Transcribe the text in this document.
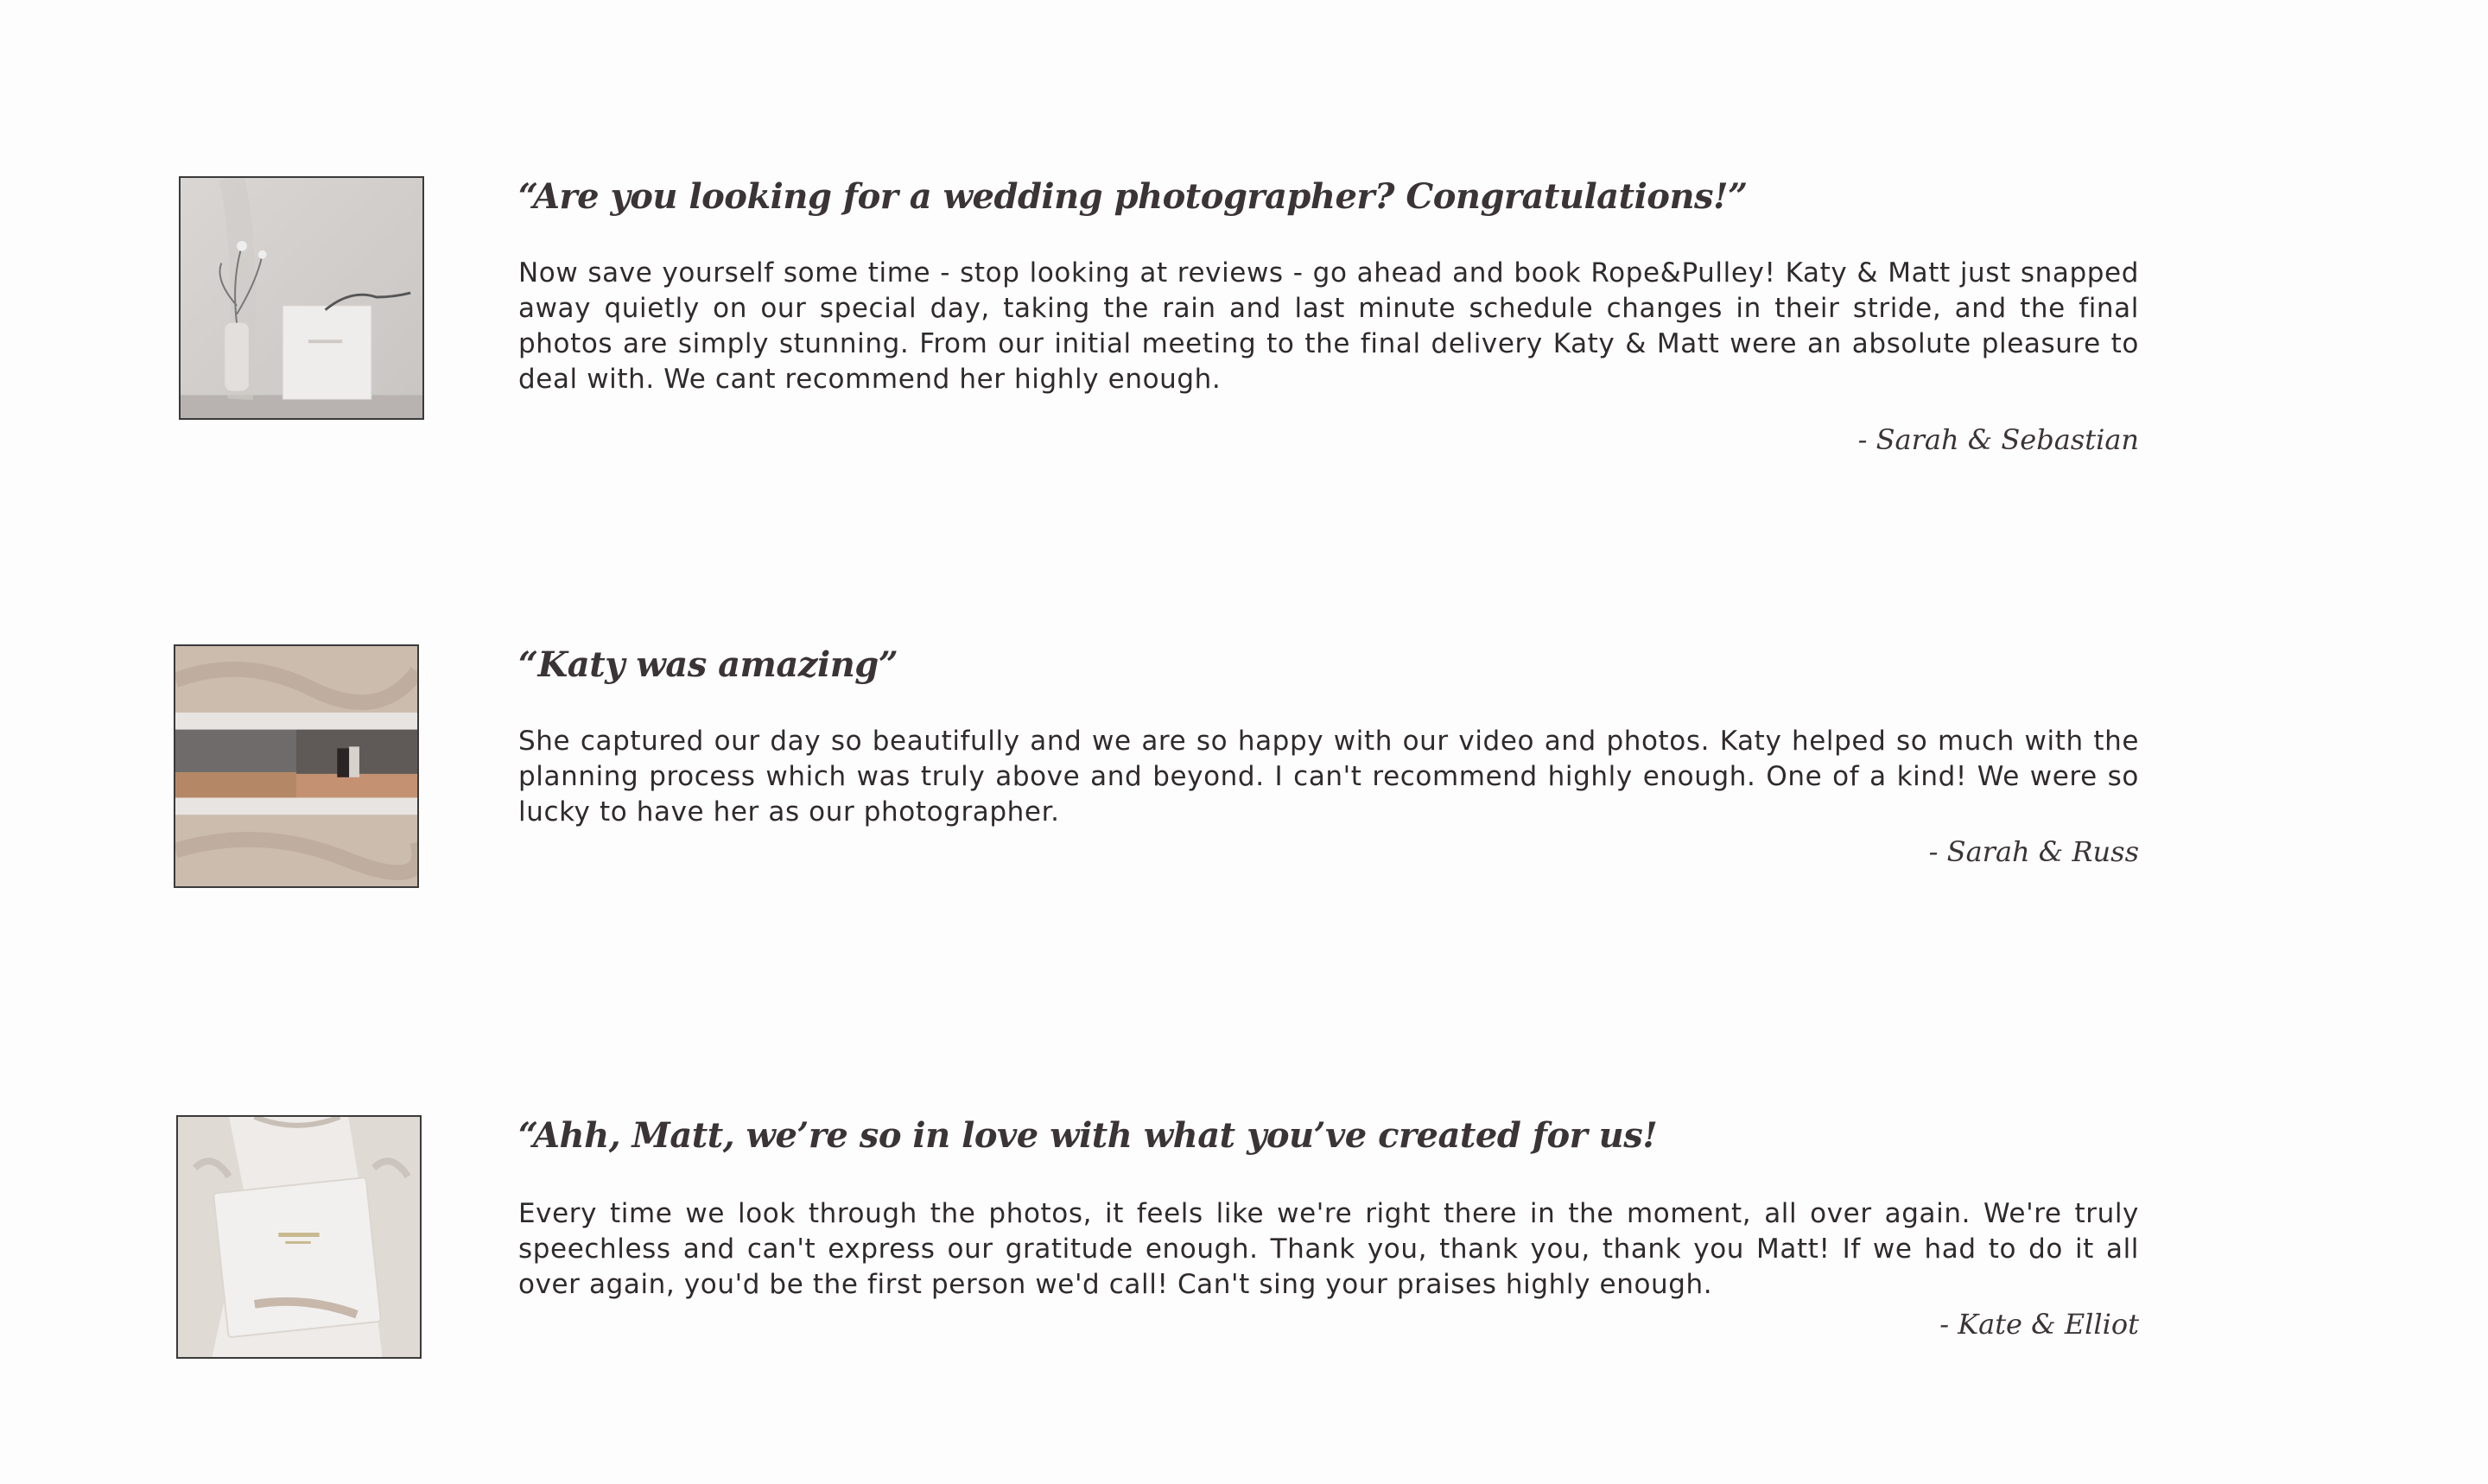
“Are you looking for a wedding photographer? Congratulations!”

Now save yourself some time - stop looking at reviews - go ahead and book Rope&Pulley! Katy & Matt just snapped away quietly on our special day, taking the rain and last minute schedule changes in their stride, and the final photos are simply stunning. From our initial meeting to the final delivery Katy & Matt were an absolute pleasure to deal with. We cant recommend her highly enough.

- Sarah & Sebastian

“Katy was amazing”

She captured our day so beautifully and we are so happy with our video and photos. Katy helped so much with the planning process which was truly above and beyond. I can't recommend highly enough. One of a kind! We were so lucky to have her as our photographer.

- Sarah & Russ

“Ahh, Matt, we’re so in love with what you’ve created for us!

Every time we look through the photos, it feels like we're right there in the moment, all over again. We're truly speechless and can't express our gratitude enough. Thank you, thank you, thank you Matt! If we had to do it all over again, you'd be the first person we'd call! Can't sing your praises highly enough.

- Kate & Elliot
